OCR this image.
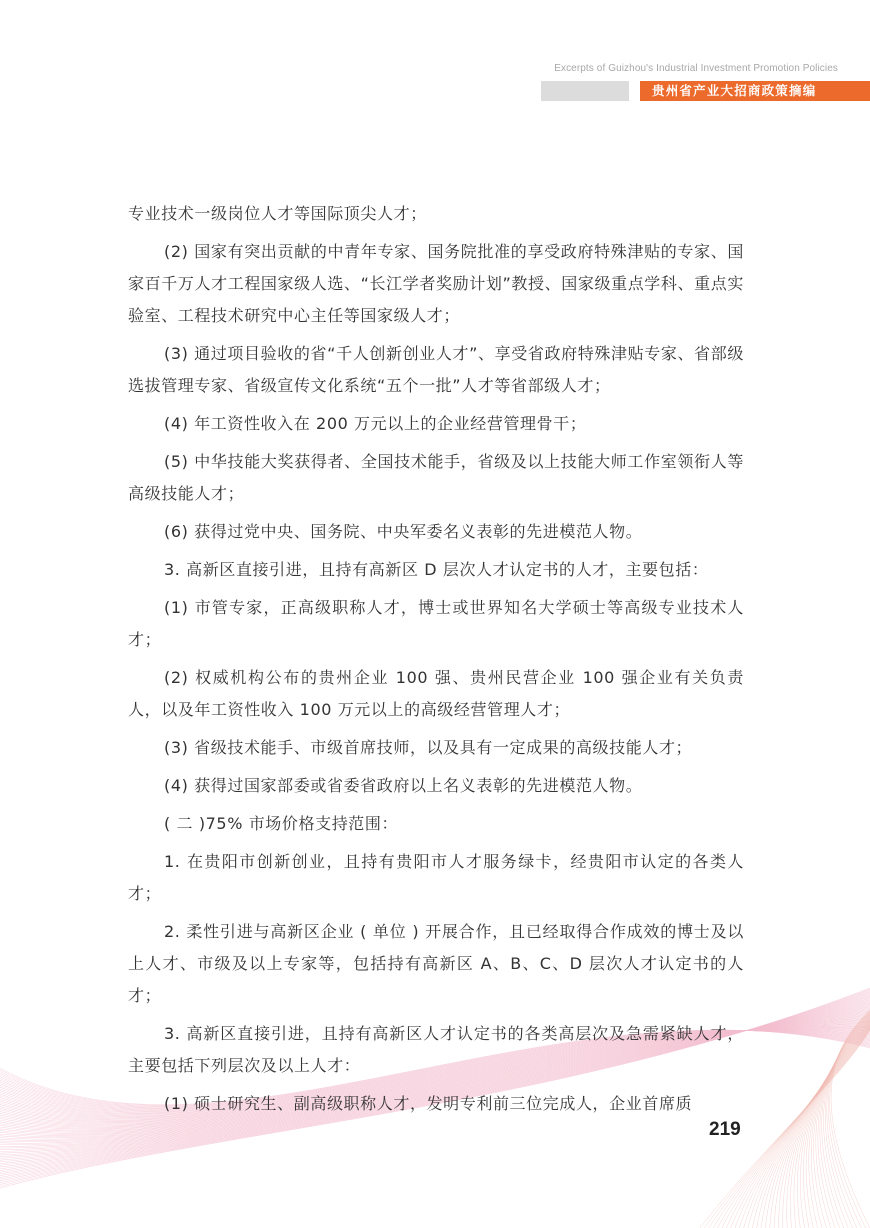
Excerpts of Guizhou's Industrial Investment Promotion Policies
贵州省产业大招商政策摘编

专业技术一级岗位人才等国际顶尖人才；

(2) 国家有突出贡献的中青年专家、国务院批准的享受政府特殊津贴的专家、国家百千万人才工程国家级人选、“长江学者奖励计划”教授、国家级重点学科、重点实验室、工程技术研究中心主任等国家级人才；

(3) 通过项目验收的省“千人创新创业人才”、享受省政府特殊津贴专家、省部级选拔管理专家、省级宣传文化系统“五个一批”人才等省部级人才；

(4) 年工资性收入在 200 万元以上的企业经营管理骨干；

(5) 中华技能大奖获得者、全国技术能手，省级及以上技能大师工作室领衔人等高级技能人才；

(6) 获得过党中央、国务院、中央军委名义表彰的先进模范人物。

3. 高新区直接引进，且持有高新区 D 层次人才认定书的人才，主要包括：

(1) 市管专家，正高级职称人才，博士或世界知名大学硕士等高级专业技术人才；

(2) 权威机构公布的贵州企业 100 强、贵州民营企业 100 强企业有关负责人，以及年工资性收入 100 万元以上的高级经营管理人才；

(3) 省级技术能手、市级首席技师，以及具有一定成果的高级技能人才；

(4) 获得过国家部委或省委省政府以上名义表彰的先进模范人物。

( 二 )75% 市场价格支持范围：

1. 在贵阳市创新创业，且持有贵阳市人才服务绿卡，经贵阳市认定的各类人才；

2. 柔性引进与高新区企业 ( 单位 ) 开展合作，且已经取得合作成效的博士及以上人才、市级及以上专家等，包括持有高新区 A、B、C、D 层次人才认定书的人才；

3. 高新区直接引进，且持有高新区人才认定书的各类高层次及急需紧缺人才，主要包括下列层次及以上人才：

(1) 硕士研究生、副高级职称人才，发明专利前三位完成人，企业首席质

219
